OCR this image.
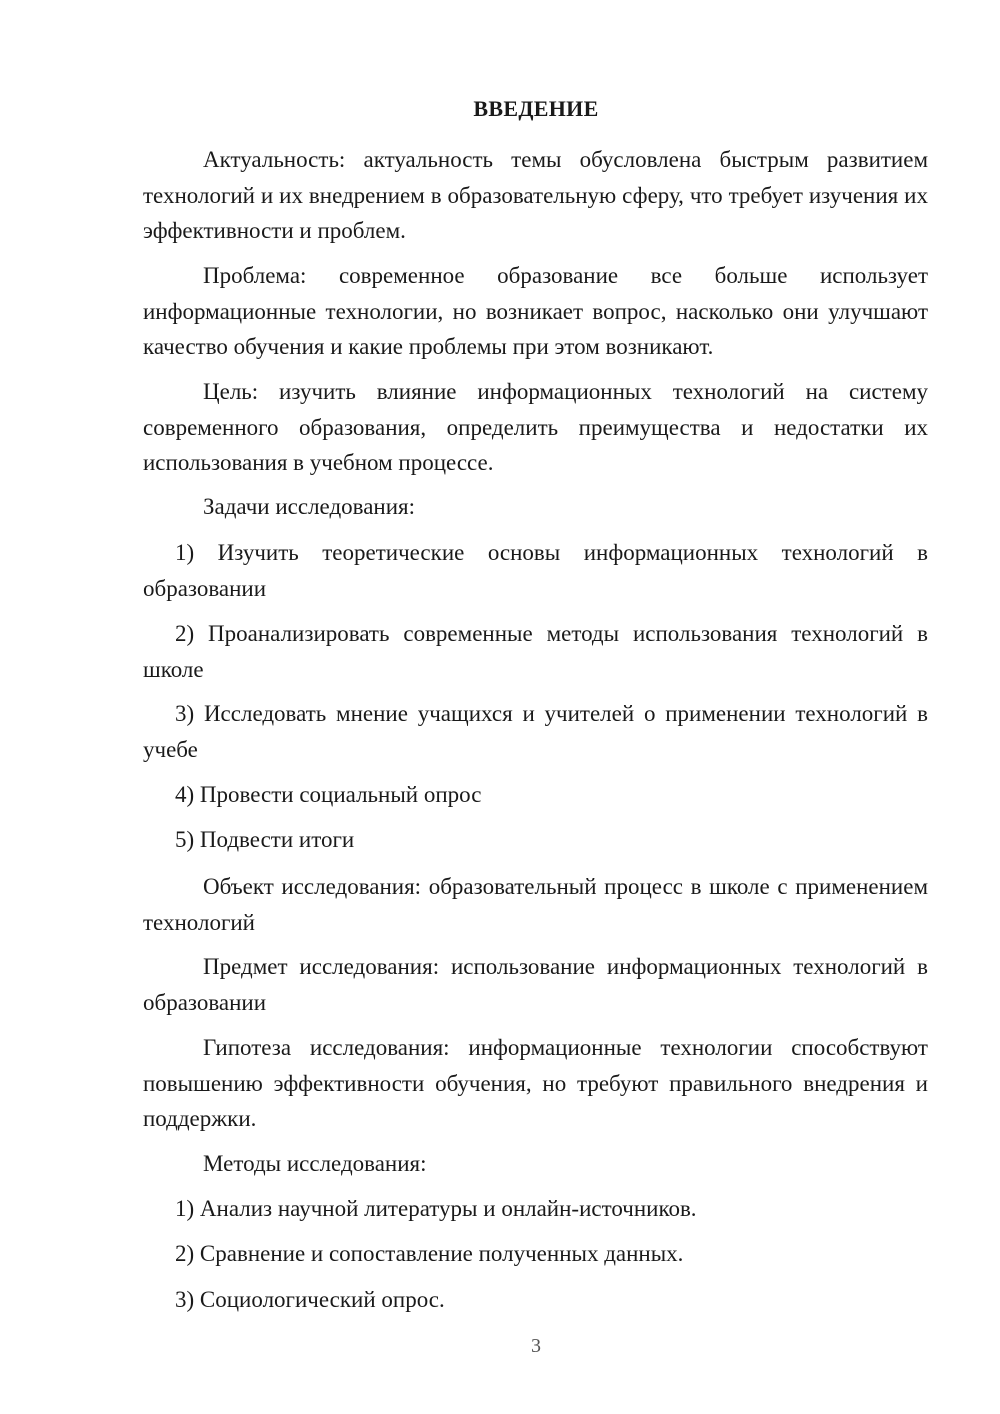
ВВЕДЕНИЕ

Актуальность: актуальность темы обусловлена быстрым развитием технологий и их внедрением в образовательную сферу, что требует изучения их эффективности и проблем.

Проблема: современное образование все больше использует информационные технологии, но возникает вопрос, насколько они улучшают качество обучения и какие проблемы при этом возникают.

Цель: изучить влияние информационных технологий на систему современного образования, определить преимущества и недостатки их использования в учебном процессе.

Задачи исследования:

1) Изучить теоретические основы информационных технологий в образовании

2) Проанализировать современные методы использования технологий в школе

3) Исследовать мнение учащихся и учителей о применении технологий в учебе

4) Провести социальный опрос

5) Подвести итоги

Объект исследования: образовательный процесс в школе с применением технологий

Предмет исследования: использование информационных технологий в образовании

Гипотеза исследования: информационные технологии способствуют повышению эффективности обучения, но требуют правильного внедрения и поддержки.

Методы исследования:

1) Анализ научной литературы и онлайн-источников.

2) Сравнение и сопоставление полученных данных.

3) Социологический опрос.

3
